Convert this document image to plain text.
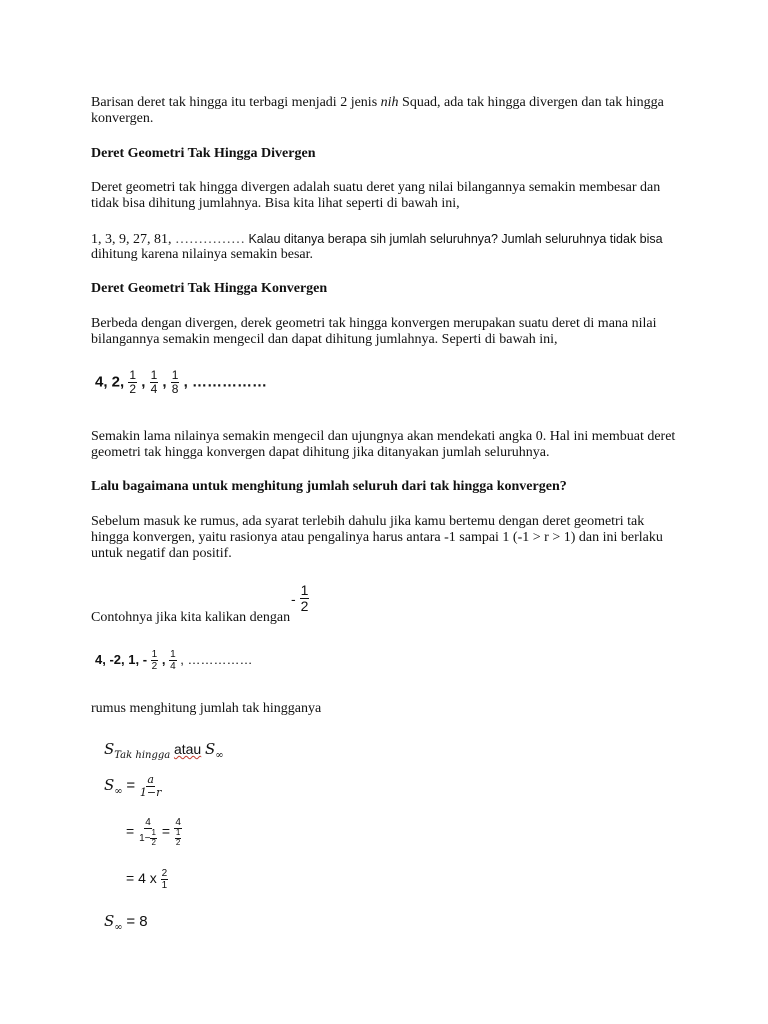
Barisan deret tak hingga itu terbagi menjadi 2 jenis nih Squad, ada tak hingga divergen dan tak hingga konvergen.
Deret Geometri Tak Hingga Divergen
Deret geometri tak hingga divergen adalah suatu deret yang nilai bilangannya semakin membesar dan tidak bisa dihitung jumlahnya. Bisa kita lihat seperti di bawah ini,
1, 3, 9, 27, 81, …………… Kalau ditanya berapa sih jumlah seluruhnya? Jumlah seluruhnya tidak bisa
dihitung karena nilainya semakin besar.
Deret Geometri Tak Hingga Konvergen
Berbeda dengan divergen, derek geometri tak hingga konvergen merupakan suatu deret di mana nilai bilangannya semakin mengecil dan dapat dihitung jumlahnya. Seperti di bawah ini,
4, 2, $\frac{1}{2}$ , $\frac{1}{4}$ , $\frac{1}{8}$ , ……………
Semakin lama nilainya semakin mengecil dan ujungnya akan mendekati angka 0. Hal ini membuat deret geometri tak hingga konvergen dapat dihitung jika ditanyakan jumlah seluruhnya.
Lalu bagaimana untuk menghitung jumlah seluruh dari tak hingga konvergen?
Sebelum masuk ke rumus, ada syarat terlebih dahulu jika kamu bertemu dengan deret geometri tak hingga konvergen, yaitu rasionya atau pengalinya harus antara -1 sampai 1 (-1 > r > 1) dan ini berlaku untuk negatif dan positif.
Contohnya jika kita kalikan dengan
- $\frac{1}{2}$
4, -2, 1, - $\frac{1}{2}$ , $\frac{1}{4}$ , ……………
rumus menghitung jumlah tak hingganya
$S_{Tak hingga}$ atau $S_\infty$
$S_\infty = \frac{a}{1-r}$
= $\frac{4}{1- \frac{1}{2}} = \frac{4}{\frac{1}{2}}$
= 4 x $\frac{2}{1}$
$S_\infty = 8$
